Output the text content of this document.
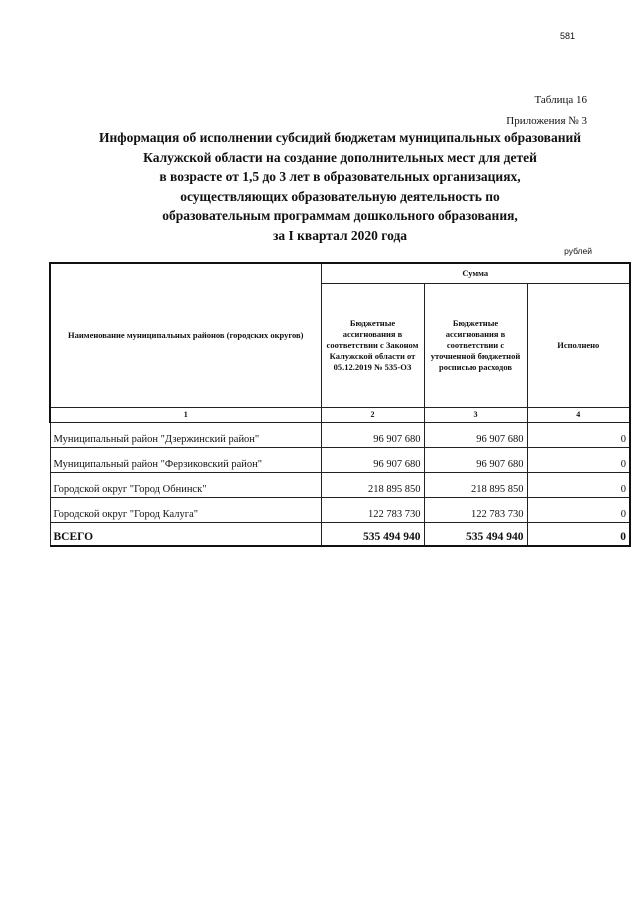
581
Таблица 16
Приложения № 3
Информация об исполнении субсидий бюджетам муниципальных образований
Калужской области на создание дополнительных мест для детей
в возрасте от 1,5 до 3 лет в образовательных организациях,
осуществляющих образовательную деятельность по
образовательным программам дошкольного образования,
за I квартал 2020 года
рублей
Наименование муниципальных районов (городских округов)	Сумма		
	Бюджетные ассигнования в соответствии с Законом Калужской области от 05.12.2019 № 535-ОЗ	Бюджетные ассигнования в соответствии с уточненной бюджетной росписью расходов	Исполнено
1	2	3	4
Муниципальный район "Дзержинский район"	96 907 680	96 907 680	0
Муниципальный район "Ферзиковский район"	96 907 680	96 907 680	0
Городской округ "Город Обнинск"	218 895 850	218 895 850	0
Городской округ "Город Калуга"	122 783 730	122 783 730	0
ВСЕГО	535 494 940	535 494 940	0
